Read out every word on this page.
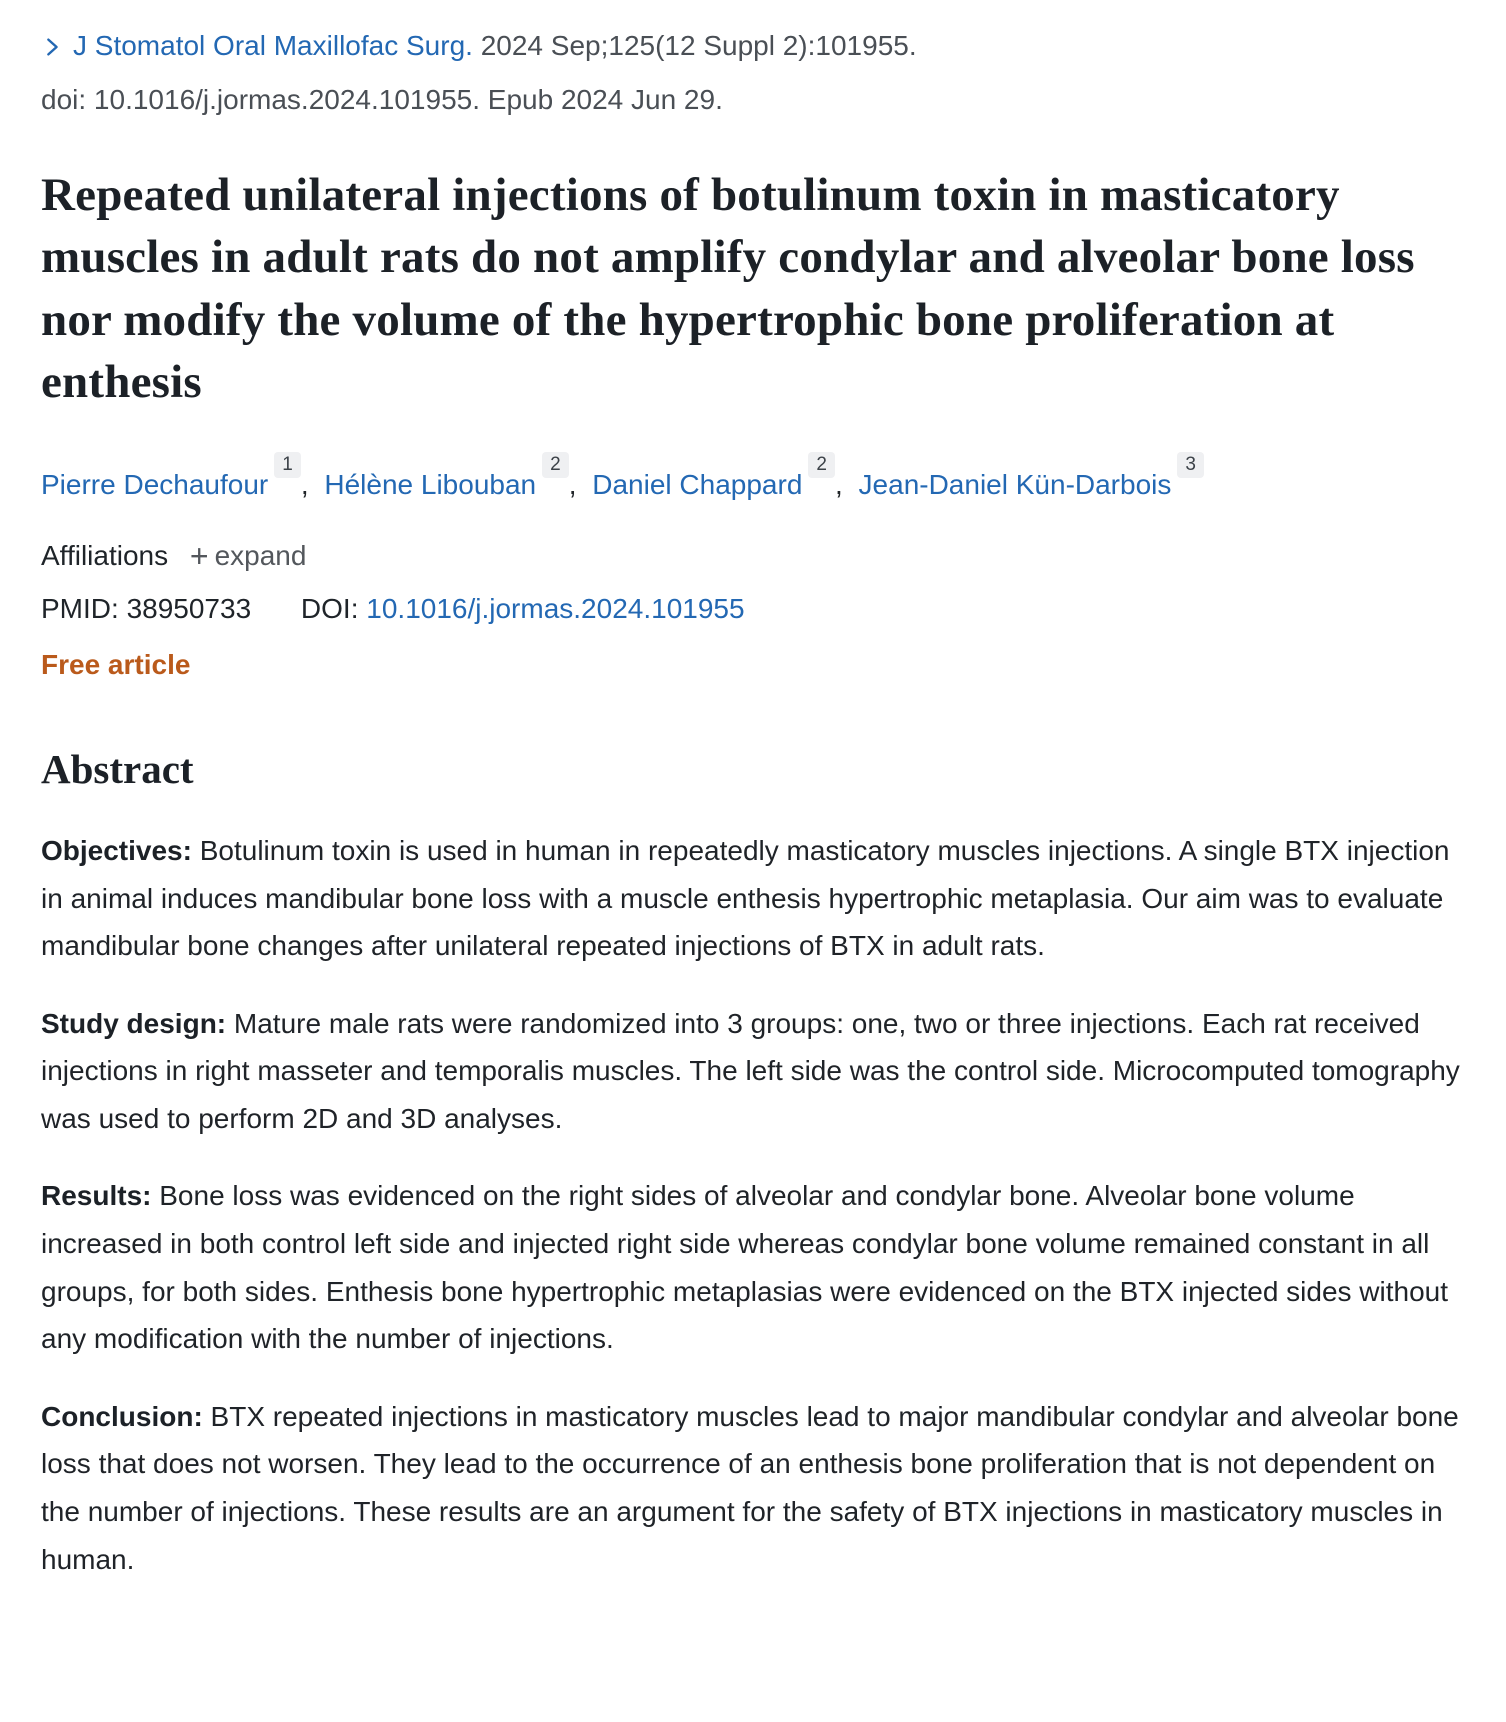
J Stomatol Oral Maxillofac Surg. 2024 Sep;125(12 Suppl 2):101955.
doi: 10.1016/j.jormas.2024.101955. Epub 2024 Jun 29.
Repeated unilateral injections of botulinum toxin in masticatory muscles in adult rats do not amplify condylar and alveolar bone loss nor modify the volume of the hypertrophic bone proliferation at enthesis
Pierre Dechaufour$^1$, Hélène Libouban$^2$, Daniel Chappard$^2$, Jean-Daniel Kün-Darbois$^3$
Affiliations + expand
PMID: 38950733 DOI: 10.1016/j.jormas.2024.101955
Free article
Abstract

Objectives: Botulinum toxin is used in human in repeatedly masticatory muscles injections. A single BTX injection in animal induces mandibular bone loss with a muscle enthesis hypertrophic metaplasia. Our aim was to evaluate mandibular bone changes after unilateral repeated injections of BTX in adult rats.

Study design: Mature male rats were randomized into 3 groups: one, two or three injections. Each rat received injections in right masseter and temporalis muscles. The left side was the control side. Microcomputed tomography was used to perform 2D and 3D analyses.

Results: Bone loss was evidenced on the right sides of alveolar and condylar bone. Alveolar bone volume increased in both control left side and injected right side whereas condylar bone volume remained constant in all groups, for both sides. Enthesis bone hypertrophic metaplasias were evidenced on the BTX injected sides without any modification with the number of injections.

Conclusion: BTX repeated injections in masticatory muscles lead to major mandibular condylar and alveolar bone loss that does not worsen. They lead to the occurrence of an enthesis bone proliferation that is not dependent on the number of injections. These results are an argument for the safety of BTX injections in masticatory muscles in human.
